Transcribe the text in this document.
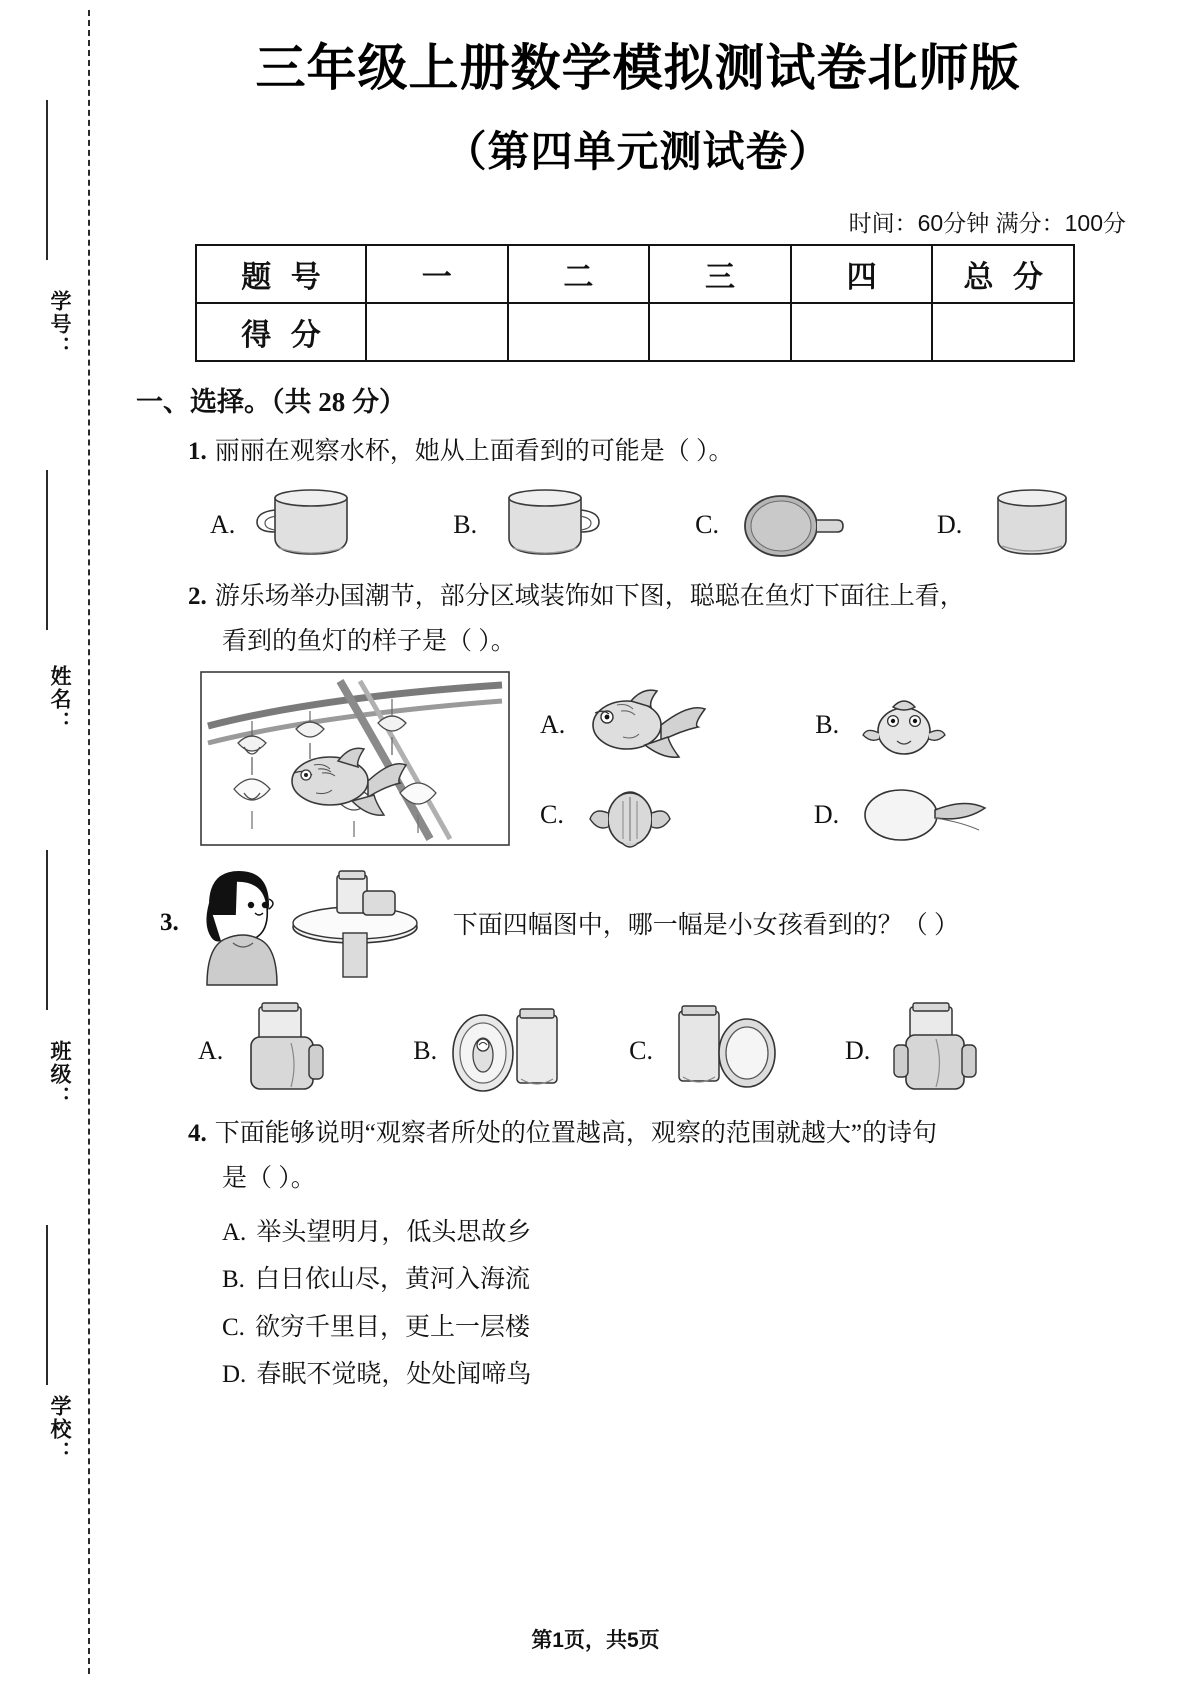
学号：
姓名：
班级：
学校：
三年级上册数学模拟测试卷北师版
（第四单元测试卷）
时间：60分钟 满分：100分
题 号	一	二	三	四	总 分
得 分					
一、选择。（共 28 分）
1. 丽丽在观察水杯，她从上面看到的可能是（ ）。
A.	B.	C.	D.
2. 游乐场举办国潮节，部分区域装饰如下图，聪聪在鱼灯下面往上看，
看到的鱼灯的样子是（ ）。
A.	B.
C.	D.
3.	下面四幅图中，哪一幅是小女孩看到的？（ ）
A.	B.	C.	D.
4. 下面能够说明“观察者所处的位置越高，观察的范围就越大”的诗句
是（ ）。
A. 举头望明月，低头思故乡
B. 白日依山尽，黄河入海流
C. 欲穷千里目，更上一层楼
D. 春眠不觉晓，处处闻啼鸟
第1页，共5页
